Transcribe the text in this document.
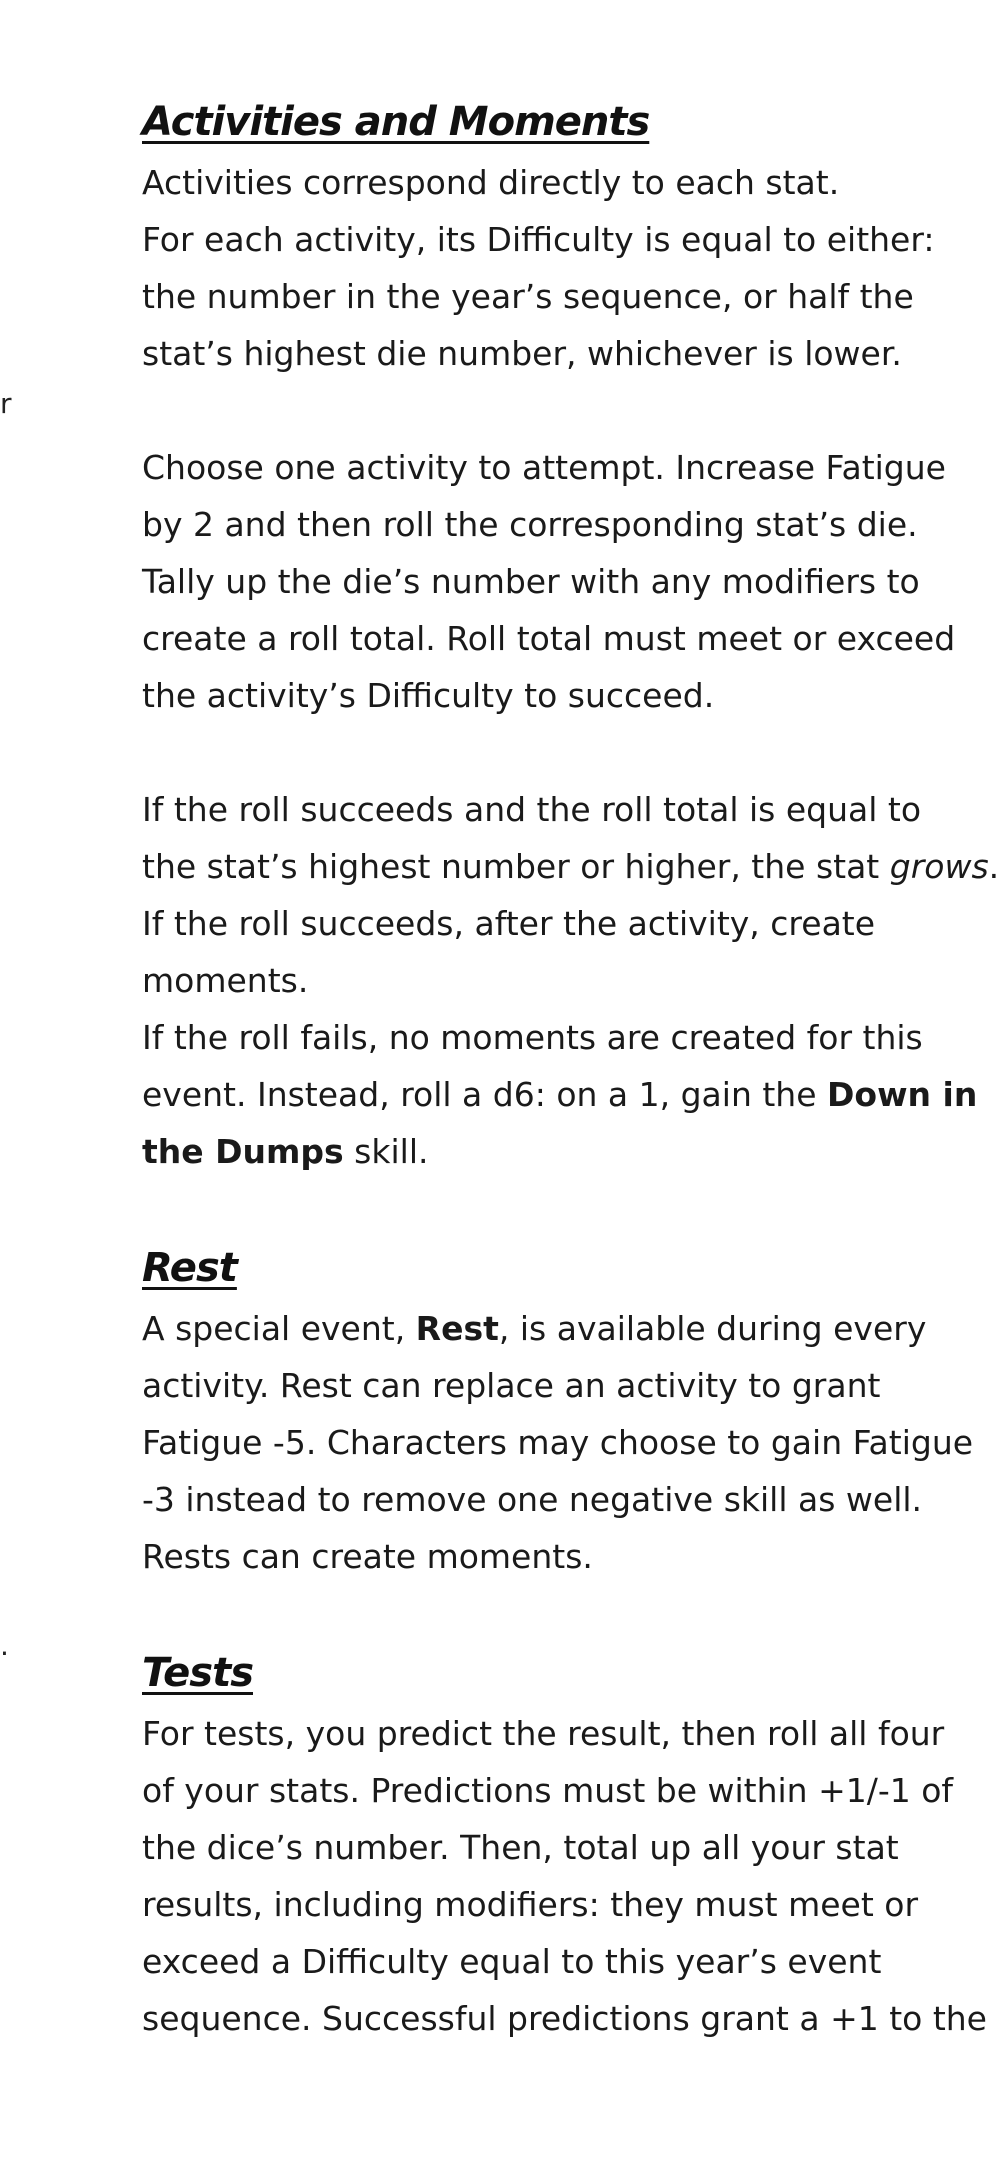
r
.
Activities and Moments

Activities correspond directly to each stat.
For each activity, its Difficulty is equal to either:
the number in the year’s sequence, or half the
stat’s highest die number, whichever is lower.

Choose one activity to attempt. Increase Fatigue
by 2 and then roll the corresponding stat’s die.
Tally up the die’s number with any modifiers to
create a roll total. Roll total must meet or exceed
the activity’s Difficulty to succeed.

If the roll succeeds and the roll total is equal to
the stat’s highest number or higher, the stat grows.
If the roll succeeds, after the activity, create
moments.
If the roll fails, no moments are created for this
event. Instead, roll a d6: on a 1, gain the Down in
the Dumps skill.

Rest

A special event, Rest, is available during every
activity. Rest can replace an activity to grant
Fatigue -5. Characters may choose to gain Fatigue
-3 instead to remove one negative skill as well.
Rests can create moments.

Tests

For tests, you predict the result, then roll all four
of your stats. Predictions must be within +1/-1 of
the dice’s number. Then, total up all your stat
results, including modifiers: they must meet or
exceed a Difficulty equal to this year’s event
sequence. Successful predictions grant a +1 to the
